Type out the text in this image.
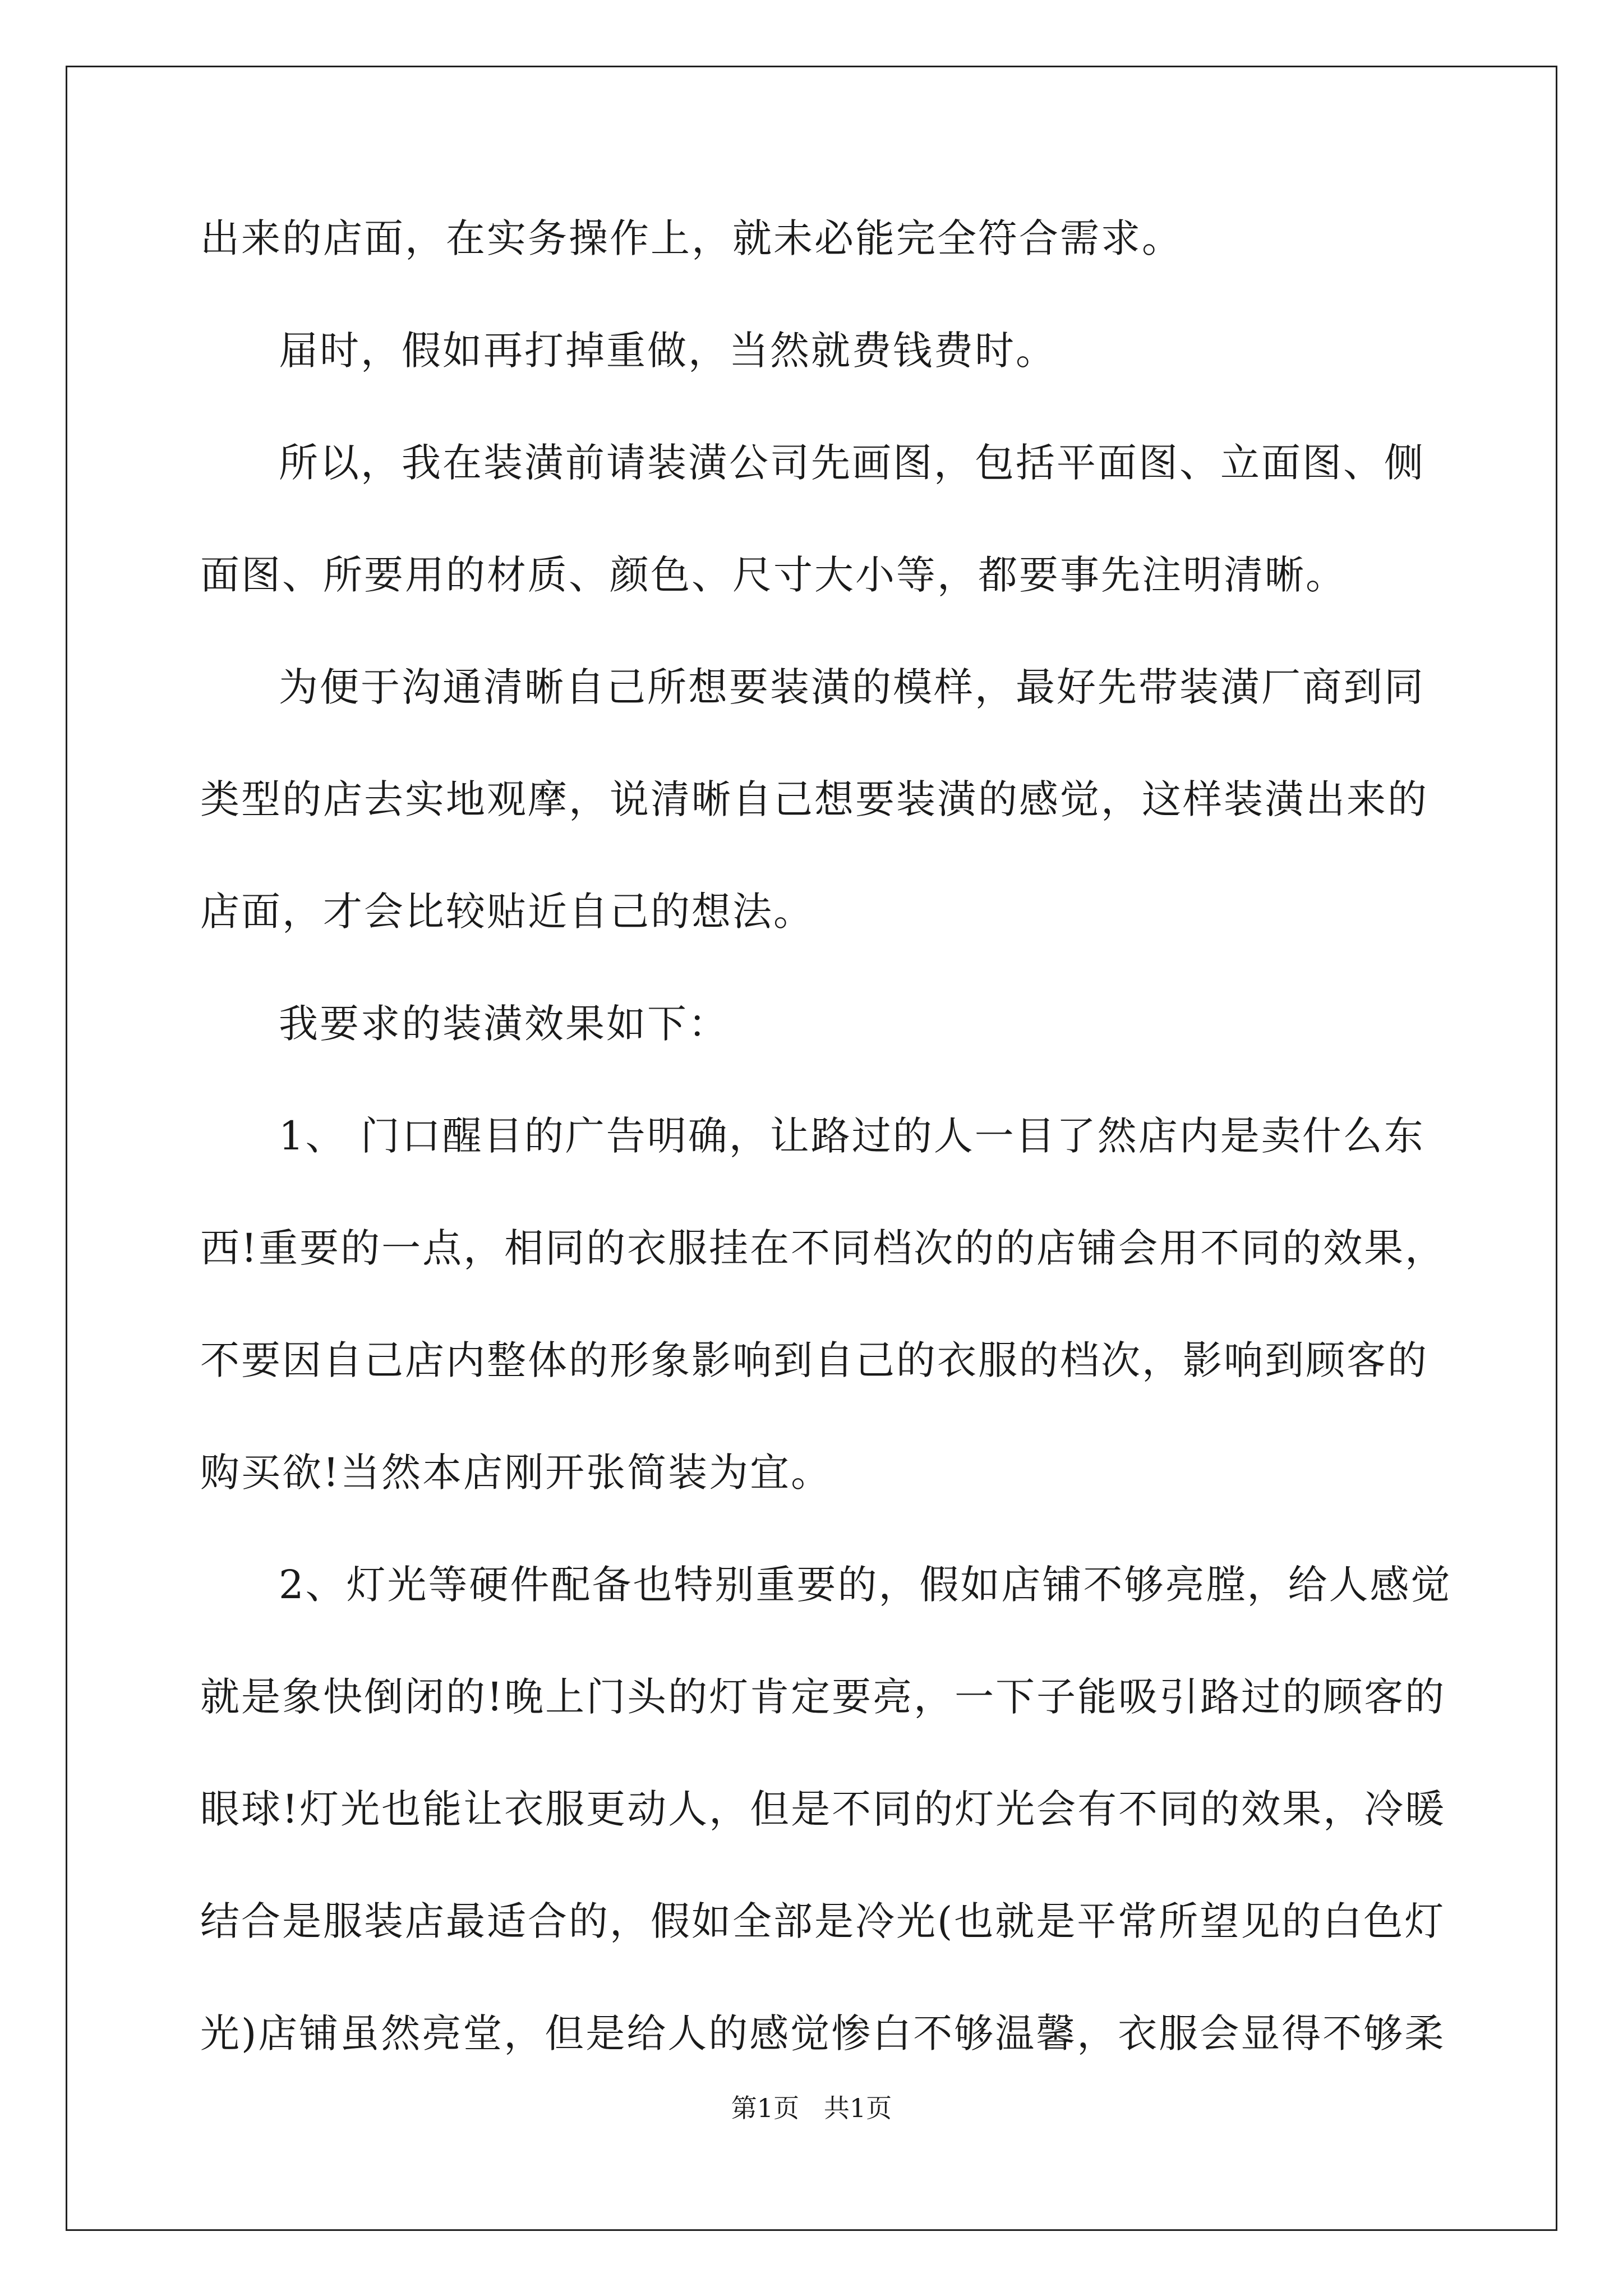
出来的店面，在实务操作上，就未必能完全符合需求。
届时，假如再打掉重做，当然就费钱费时。
所以，我在装潢前请装潢公司先画图，包括平面图、立面图、侧
面图、所要用的材质、颜色、尺寸大小等，都要事先注明清晰。
为便于沟通清晰自己所想要装潢的模样，最好先带装潢厂商到同
类型的店去实地观摩，说清晰自己想要装潢的感觉，这样装潢出来的
店面，才会比较贴近自己的想法。
我要求的装潢效果如下：
1、 门口醒目的广告明确，让路过的人一目了然店内是卖什么东
西!重要的一点，相同的衣服挂在不同档次的的店铺会用不同的效果，
不要因自己店内整体的形象影响到自己的衣服的档次，影响到顾客的
购买欲!当然本店刚开张简装为宜。
2、灯光等硬件配备也特别重要的，假如店铺不够亮膛，给人感觉
就是象快倒闭的!晚上门头的灯肯定要亮，一下子能吸引路过的顾客的
眼球!灯光也能让衣服更动人，但是不同的灯光会有不同的效果，冷暖
结合是服装店最适合的，假如全部是冷光(也就是平常所望见的白色灯
光)店铺虽然亮堂，但是给人的感觉惨白不够温馨，衣服会显得不够柔
第1页   共1页
